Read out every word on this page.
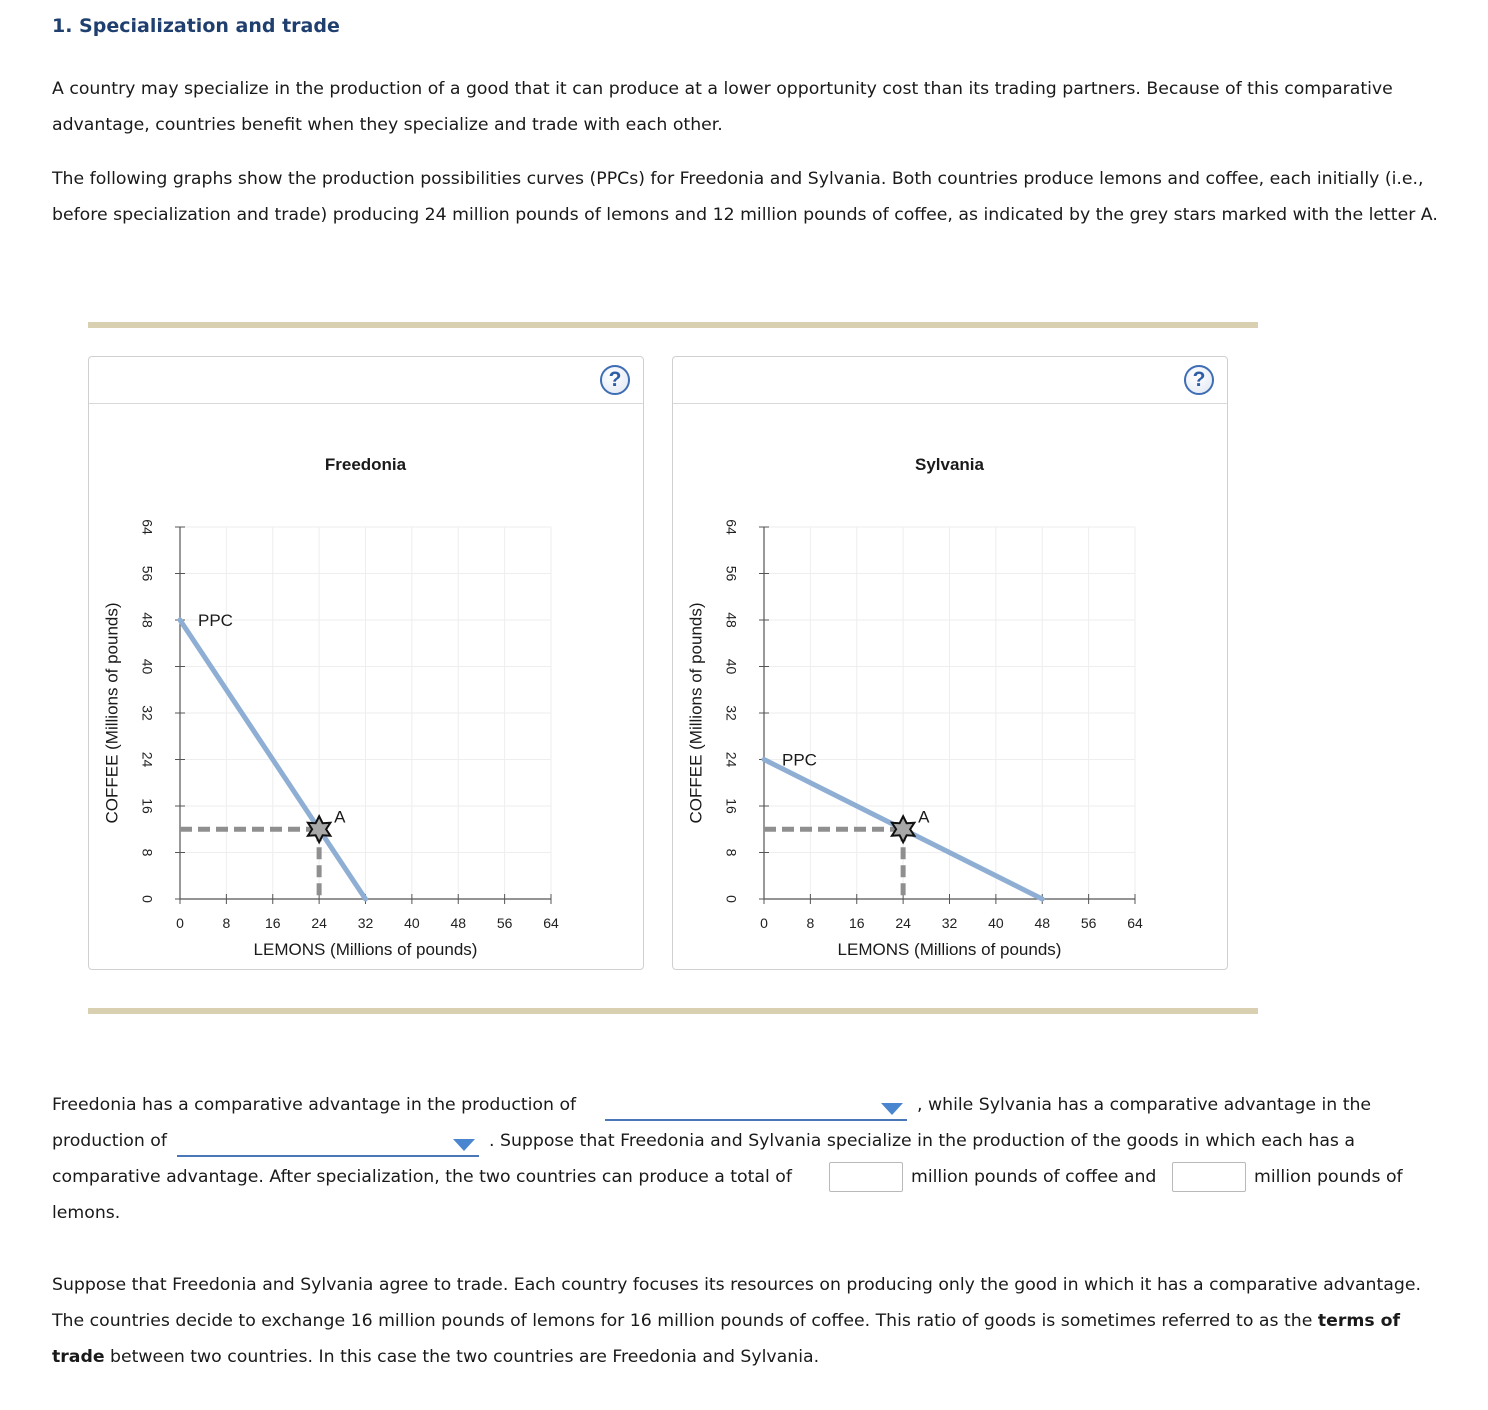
1. Specialization and trade

A country may specialize in the production of a good that it can produce at a lower opportunity cost than its trading partners. Because of this comparative advantage, countries benefit when they specialize and trade with each other.

The following graphs show the production possibilities curves (PPCs) for Freedonia and Sylvania. Both countries produce lemons and coffee, each initially (i.e., before specialization and trade) producing 24 million pounds of lemons and 12 million pounds of coffee, as indicated by the grey stars marked with the letter A.

?
0	8 16 24 32 40 48 56 64
0
8
16
24
32
40
48
56
64
Freedonia
LEMONS (Millions of pounds)
COFFEE (Millions of pounds)	PPC
A
?
0	8 16 24 32 40 48 56 64
0
8
16
24
32
40
48
56
64
Sylvania
LEMONS (Millions of pounds)
COFFEE (Millions of pounds)	PPC
A
Freedonia has a comparative advantage in the production of	, while Sylvania has a comparative advantage in the
production of	. Suppose that Freedonia and Sylvania specialize in the production of the goods in which each has a
comparative advantage. After specialization, the two countries can produce a total of	million pounds of coffee and	million pounds of
lemons.

Suppose that Freedonia and Sylvania agree to trade. Each country focuses its resources on producing only the good in which it has a comparative advantage. The countries decide to exchange 16 million pounds of lemons for 16 million pounds of coffee. This ratio of goods is sometimes referred to as the terms of trade between two countries. In this case the two countries are Freedonia and Sylvania.
